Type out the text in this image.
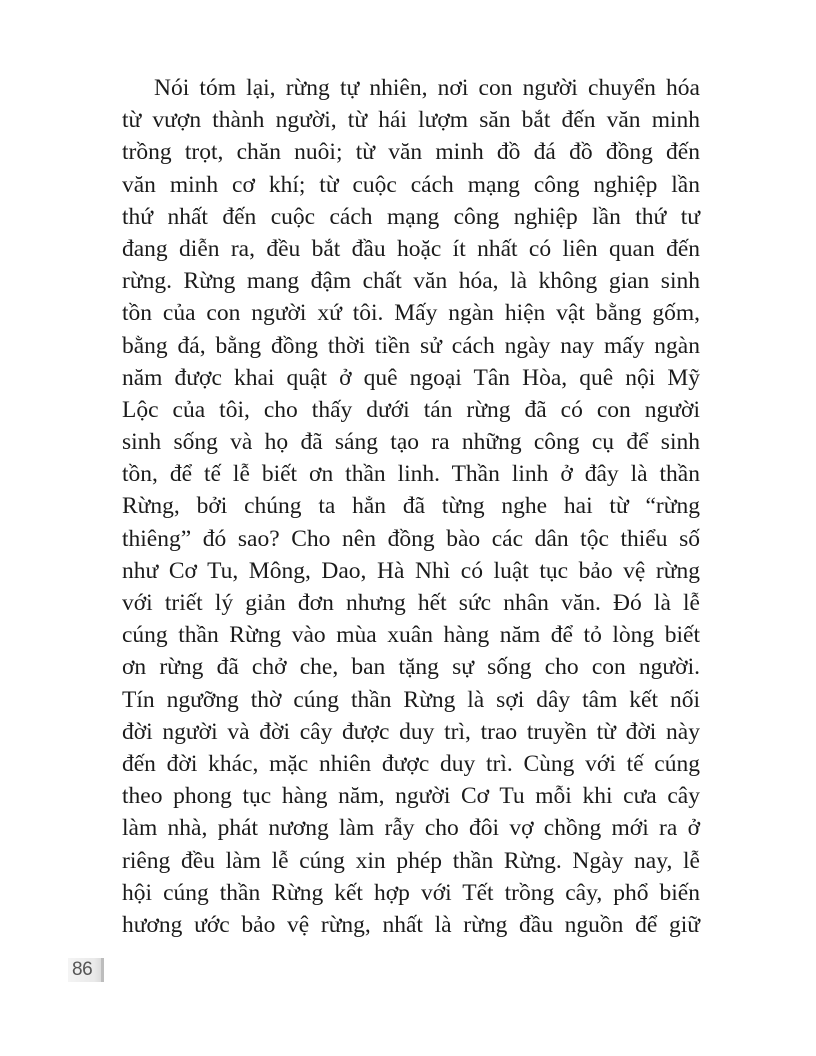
Nói tóm lại, rừng tự nhiên, nơi con người chuyển hóa
từ vượn thành người, từ hái lượm săn bắt đến văn minh
trồng trọt, chăn nuôi; từ văn minh đồ đá đồ đồng đến
văn minh cơ khí; từ cuộc cách mạng công nghiệp lần
thứ nhất đến cuộc cách mạng công nghiệp lần thứ tư
đang diễn ra, đều bắt đầu hoặc ít nhất có liên quan đến
rừng. Rừng mang đậm chất văn hóa, là không gian sinh
tồn của con người xứ tôi. Mấy ngàn hiện vật bằng gốm,
bằng đá, bằng đồng thời tiền sử cách ngày nay mấy ngàn
năm được khai quật ở quê ngoại Tân Hòa, quê nội Mỹ
Lộc của tôi, cho thấy dưới tán rừng đã có con người
sinh sống và họ đã sáng tạo ra những công cụ để sinh
tồn, để tế lễ biết ơn thần linh. Thần linh ở đây là thần
Rừng, bởi chúng ta hẳn đã từng nghe hai từ “rừng
thiêng” đó sao? Cho nên đồng bào các dân tộc thiểu số
như Cơ Tu, Mông, Dao, Hà Nhì có luật tục bảo vệ rừng
với triết lý giản đơn nhưng hết sức nhân văn. Đó là lễ
cúng thần Rừng vào mùa xuân hàng năm để tỏ lòng biết
ơn rừng đã chở che, ban tặng sự sống cho con người.
Tín ngưỡng thờ cúng thần Rừng là sợi dây tâm kết nối
đời người và đời cây được duy trì, trao truyền từ đời này
đến đời khác, mặc nhiên được duy trì. Cùng với tế cúng
theo phong tục hàng năm, người Cơ Tu mỗi khi cưa cây
làm nhà, phát nương làm rẫy cho đôi vợ chồng mới ra ở
riêng đều làm lễ cúng xin phép thần Rừng. Ngày nay, lễ
hội cúng thần Rừng kết hợp với Tết trồng cây, phổ biến
hương ước bảo vệ rừng, nhất là rừng đầu nguồn để giữ
86
